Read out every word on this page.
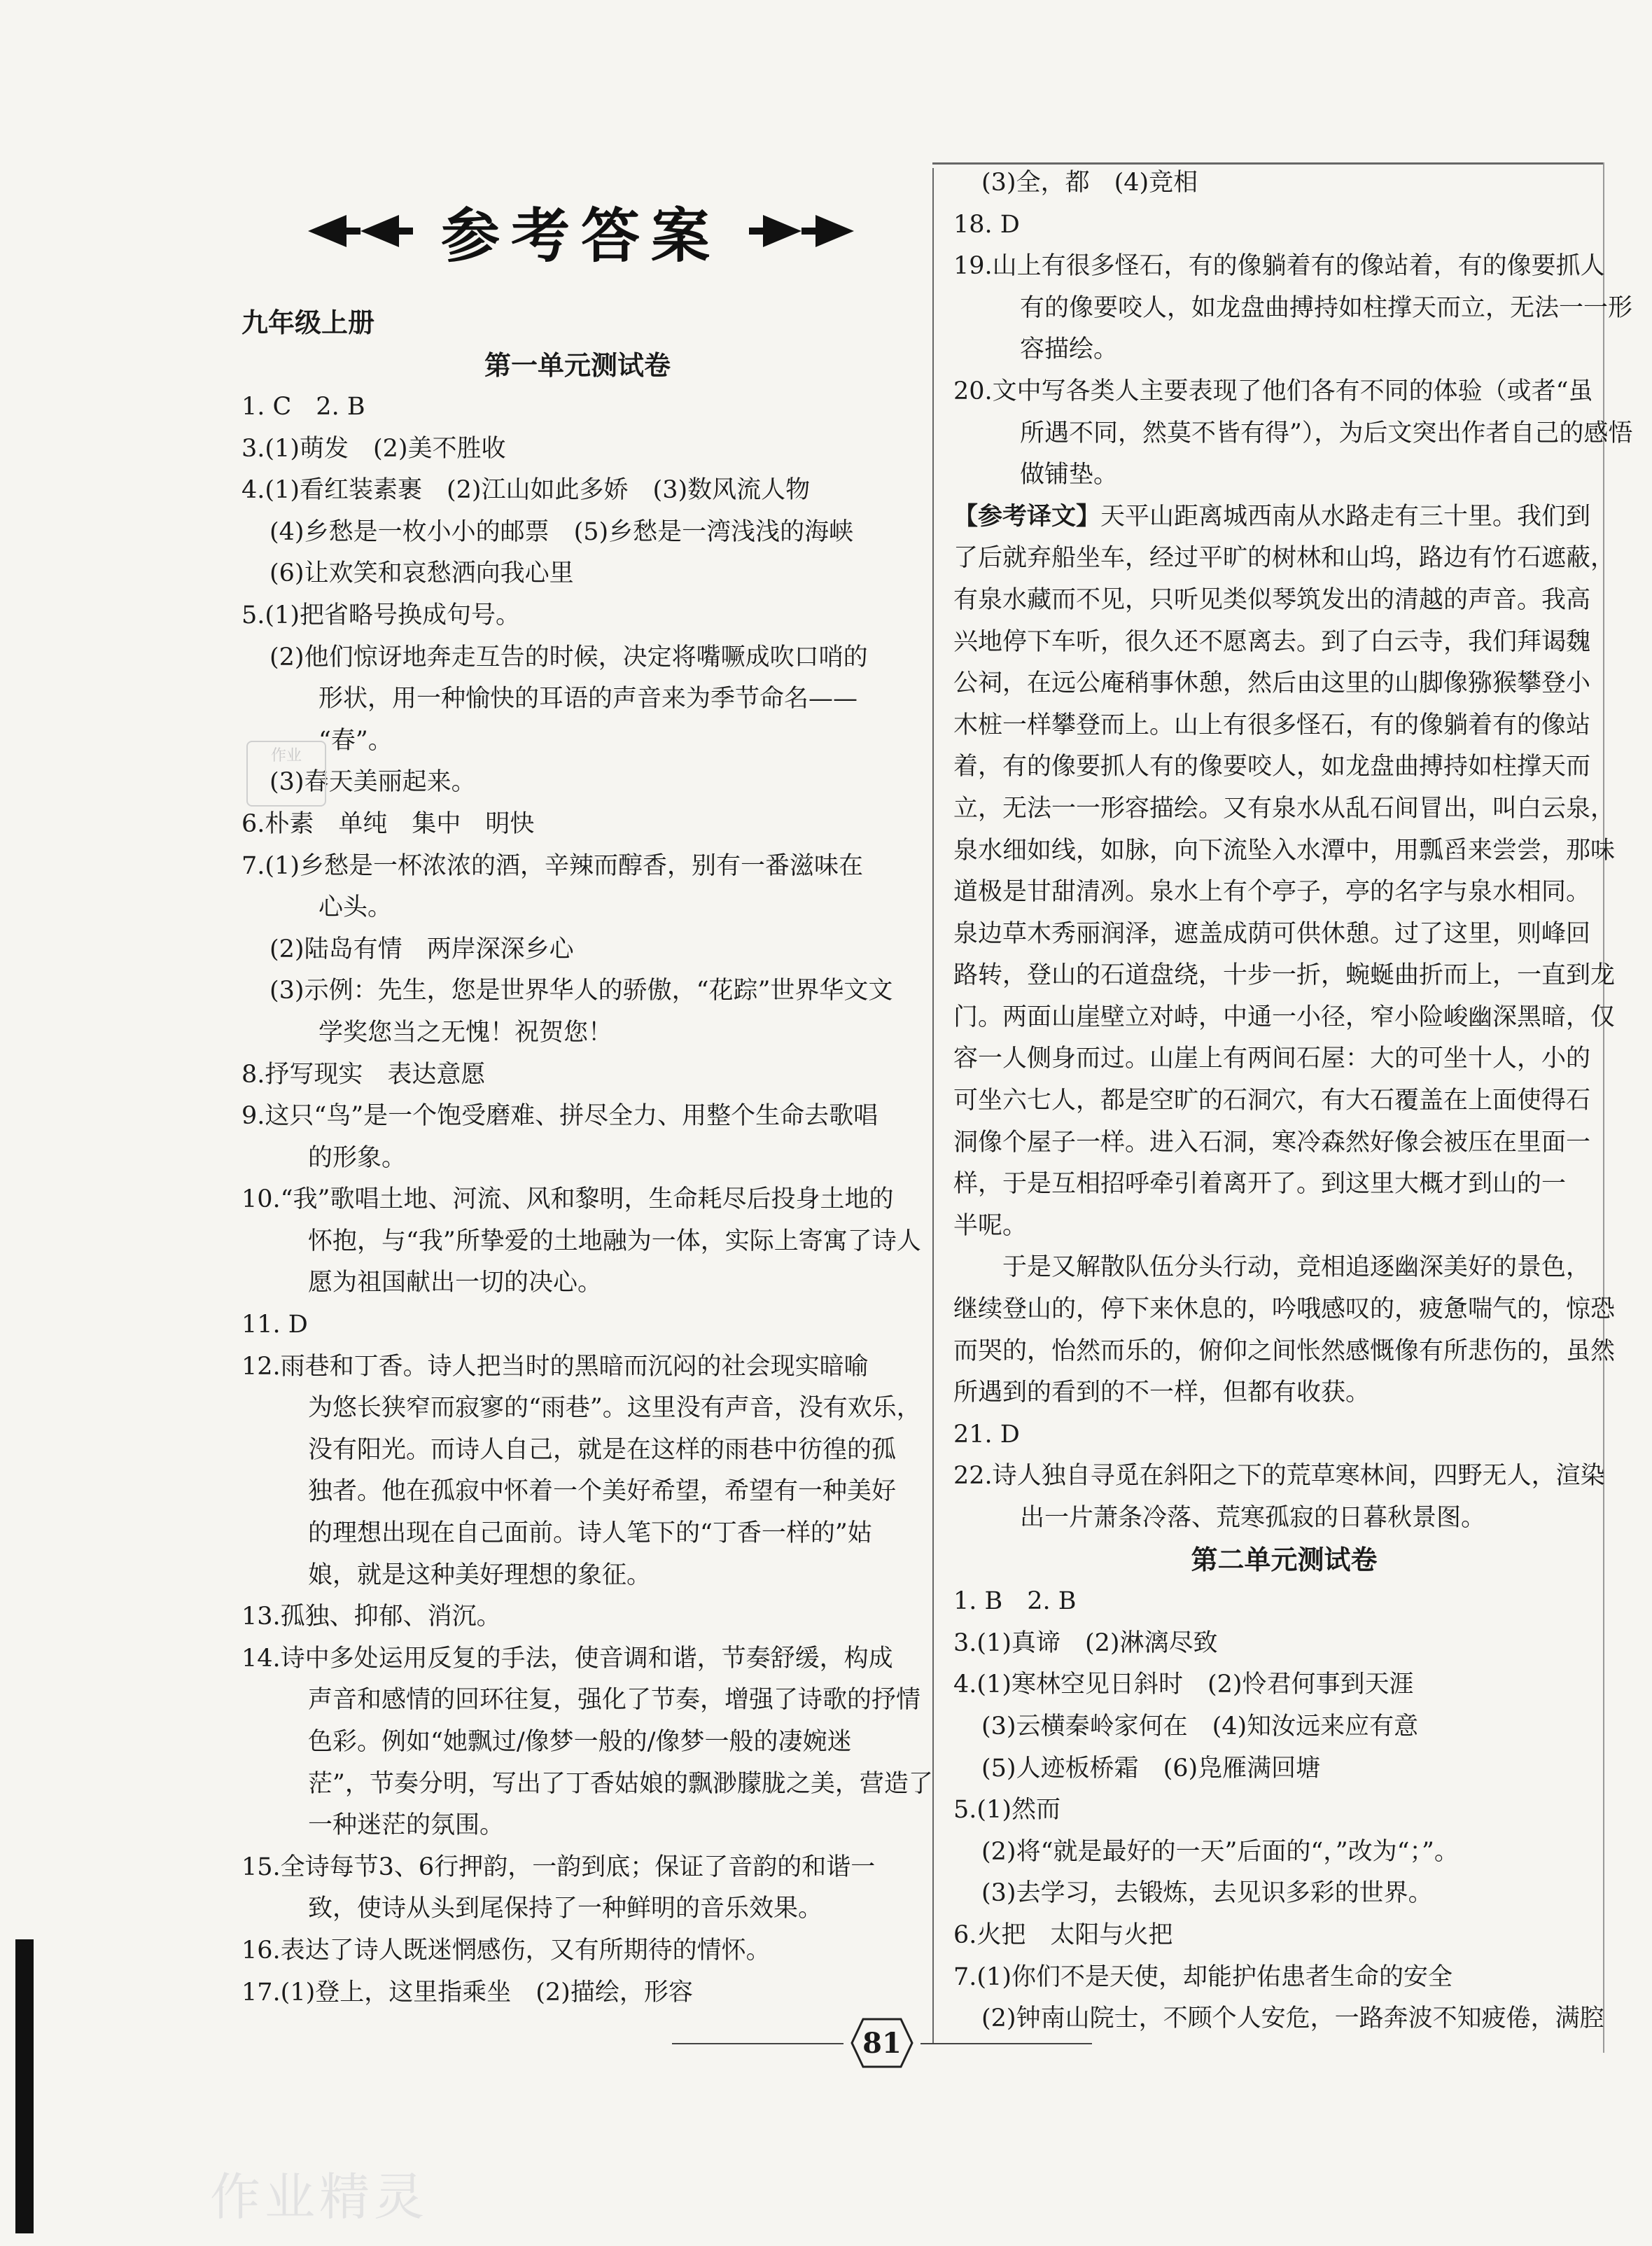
参考答案
九年级上册
第一单元测试卷
1. C　2. B
3.(1)萌发　(2)美不胜收
4.(1)看红装素裹　(2)江山如此多娇　(3)数风流人物
(4)乡愁是一枚小小的邮票　(5)乡愁是一湾浅浅的海峡
(6)让欢笑和哀愁洒向我心里
5.(1)把省略号换成句号。
(2)他们惊讶地奔走互告的时候，决定将嘴噘成吹口哨的
形状，用一种愉快的耳语的声音来为季节命名——
“春”。
(3)春天美丽起来。
6.朴素　单纯　集中　明快
7.(1)乡愁是一杯浓浓的酒，辛辣而醇香，别有一番滋味在
心头。
(2)陆岛有情　两岸深深乡心
(3)示例：先生，您是世界华人的骄傲，“花踪”世界华文文
学奖您当之无愧！祝贺您！
8.抒写现实　表达意愿
9.这只“鸟”是一个饱受磨难、拼尽全力、用整个生命去歌唱
的形象。
10.“我”歌唱土地、河流、风和黎明，生命耗尽后投身土地的
怀抱，与“我”所挚爱的土地融为一体，实际上寄寓了诗人
愿为祖国献出一切的决心。
11. D
12.雨巷和丁香。诗人把当时的黑暗而沉闷的社会现实暗喻
为悠长狭窄而寂寥的“雨巷”。这里没有声音，没有欢乐，
没有阳光。而诗人自己，就是在这样的雨巷中彷徨的孤
独者。他在孤寂中怀着一个美好希望，希望有一种美好
的理想出现在自己面前。诗人笔下的“丁香一样的”姑
娘，就是这种美好理想的象征。
13.孤独、抑郁、消沉。
14.诗中多处运用反复的手法，使音调和谐，节奏舒缓，构成
声音和感情的回环往复，强化了节奏，增强了诗歌的抒情
色彩。例如“她飘过/像梦一般的/像梦一般的凄婉迷
茫”，节奏分明，写出了丁香姑娘的飘渺朦胧之美，营造了
一种迷茫的氛围。
15.全诗每节3、6行押韵，一韵到底；保证了音韵的和谐一
致，使诗从头到尾保持了一种鲜明的音乐效果。
16.表达了诗人既迷惘感伤，又有所期待的情怀。
17.(1)登上，这里指乘坐　(2)描绘，形容
(3)全，都　(4)竞相
18. D
19.山上有很多怪石，有的像躺着有的像站着，有的像要抓人
有的像要咬人，如龙盘曲搏持如柱撑天而立，无法一一形
容描绘。
20.文中写各类人主要表现了他们各有不同的体验（或者“虽
所遇不同，然莫不皆有得”），为后文突出作者自己的感悟
做铺垫。
【参考译文】天平山距离城西南从水路走有三十里。我们到
了后就弃船坐车，经过平旷的树林和山坞，路边有竹石遮蔽，
有泉水藏而不见，只听见类似琴筑发出的清越的声音。我高
兴地停下车听，很久还不愿离去。到了白云寺，我们拜谒魏
公祠，在远公庵稍事休憩，然后由这里的山脚像猕猴攀登小
木桩一样攀登而上。山上有很多怪石，有的像躺着有的像站
着，有的像要抓人有的像要咬人，如龙盘曲搏持如柱撑天而
立，无法一一形容描绘。又有泉水从乱石间冒出，叫白云泉，
泉水细如线，如脉，向下流坠入水潭中，用瓢舀来尝尝，那味
道极是甘甜清冽。泉水上有个亭子，亭的名字与泉水相同。
泉边草木秀丽润泽，遮盖成荫可供休憩。过了这里，则峰回
路转，登山的石道盘绕，十步一折，蜿蜒曲折而上，一直到龙
门。两面山崖壁立对峙，中通一小径，窄小险峻幽深黑暗，仅
容一人侧身而过。山崖上有两间石屋：大的可坐十人，小的
可坐六七人，都是空旷的石洞穴，有大石覆盖在上面使得石
洞像个屋子一样。进入石洞，寒冷森然好像会被压在里面一
样，于是互相招呼牵引着离开了。到这里大概才到山的一
半呢。
于是又解散队伍分头行动，竞相追逐幽深美好的景色，
继续登山的，停下来休息的，吟哦感叹的，疲惫喘气的，惊恐
而哭的，怡然而乐的，俯仰之间怅然感慨像有所悲伤的，虽然
所遇到的看到的不一样，但都有收获。
21. D
22.诗人独自寻觅在斜阳之下的荒草寒林间，四野无人，渲染
出一片萧条冷落、荒寒孤寂的日暮秋景图。
第二单元测试卷
1. B　2. B
3.(1)真谛　(2)淋漓尽致
4.(1)寒林空见日斜时　(2)怜君何事到天涯
(3)云横秦岭家何在　(4)知汝远来应有意
(5)人迹板桥霜　(6)凫雁满回塘
5.(1)然而
(2)将“就是最好的一天”后面的“，”改为“；”。
(3)去学习，去锻炼，去见识多彩的世界。
6.火把　太阳与火把
7.(1)你们不是天使，却能护佑患者生命的安全
(2)钟南山院士，不顾个人安危，一路奔波不知疲倦，满腔
作业
81
作业精灵
